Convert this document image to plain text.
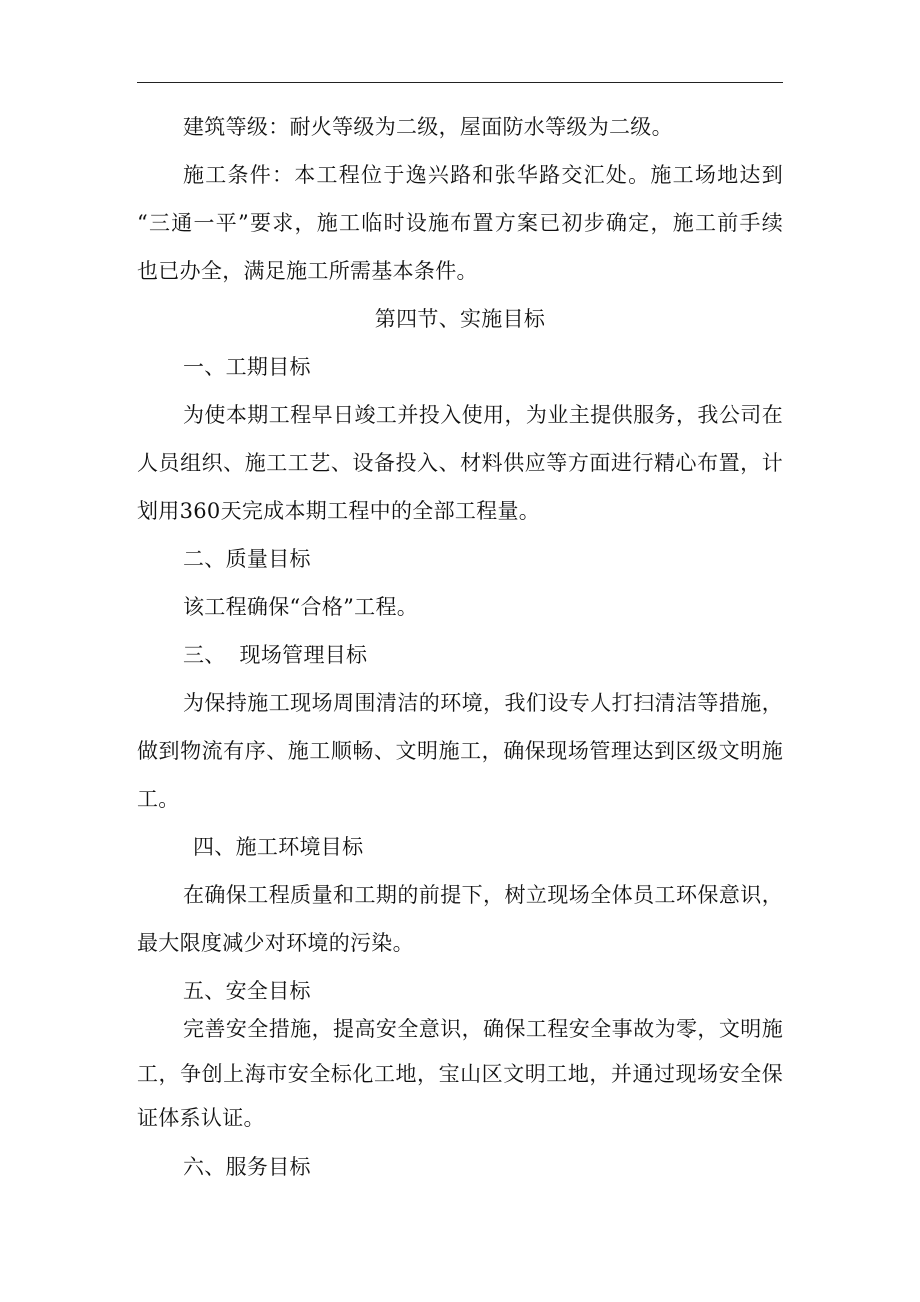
建筑等级：耐火等级为二级，屋面防水等级为二级。

施工条件：本工程位于逸兴路和张华路交汇处。施工场地达到

“三通一平”要求，施工临时设施布置方案已初步确定，施工前手续

也已办全，满足施工所需基本条件。

第四节、实施目标

一、工期目标

为使本期工程早日竣工并投入使用，为业主提供服务，我公司在

人员组织、施工工艺、设备投入、材料供应等方面进行精心布置，计

划用360天完成本期工程中的全部工程量。

二、质量目标

该工程确保“合格”工程。

三、  现场管理目标

为保持施工现场周围清洁的环境，我们设专人打扫清洁等措施，

做到物流有序、施工顺畅、文明施工，确保现场管理达到区级文明施

工。

四、施工环境目标

在确保工程质量和工期的前提下，树立现场全体员工环保意识，

最大限度减少对环境的污染。

五、安全目标

完善安全措施，提高安全意识，确保工程安全事故为零，文明施

工，争创上海市安全标化工地，宝山区文明工地，并通过现场安全保

证体系认证。

六、服务目标
